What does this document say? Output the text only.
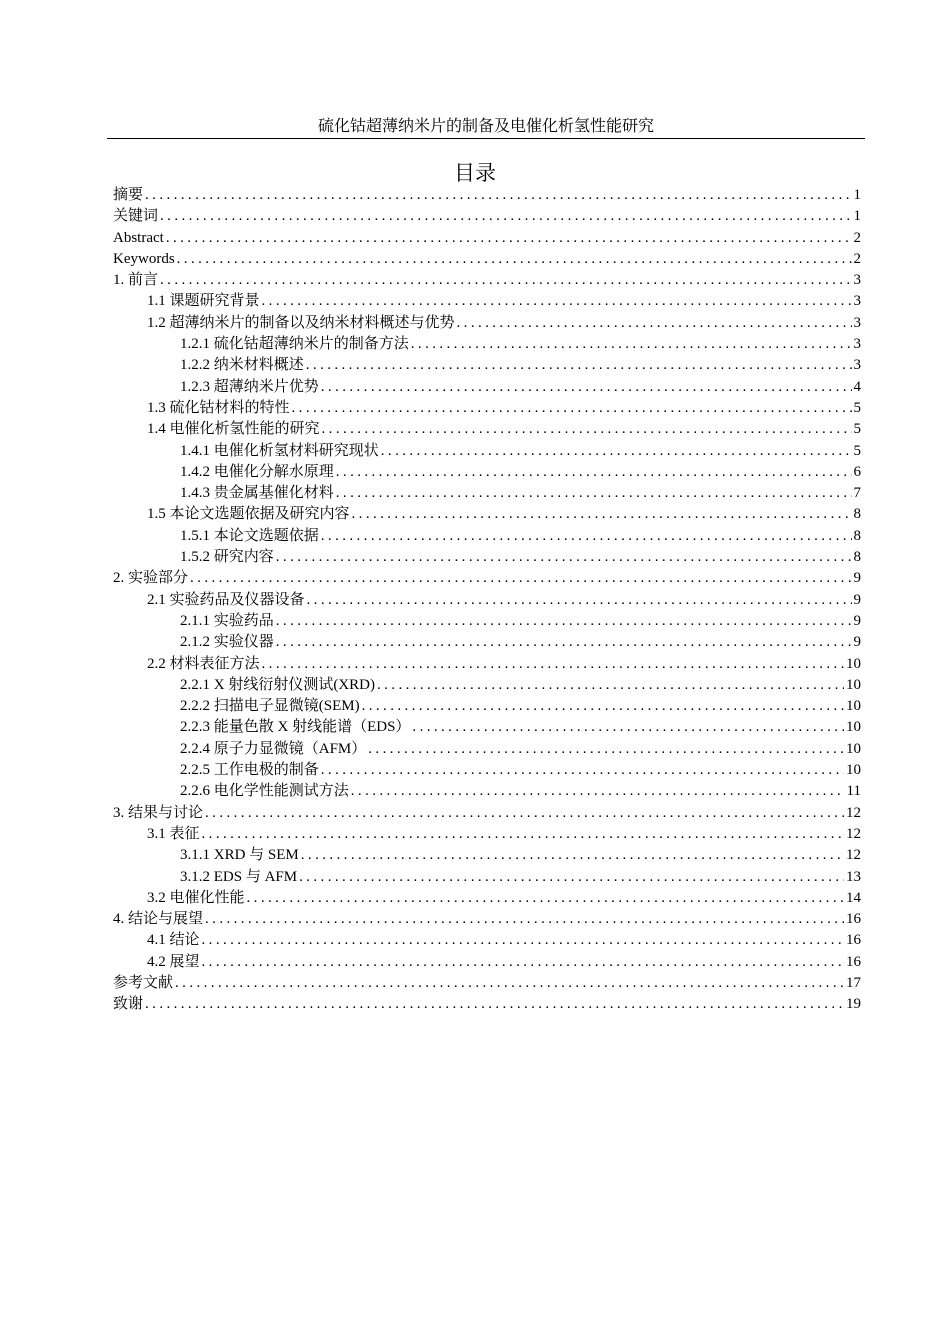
硫化钴超薄纳米片的制备及电催化析氢性能研究
目录
摘要 .....	1
关键词 .....	1
Abstract .....	2
Keywords .....	2
1. 前言 .....	3
1.1 课题研究背景 .....	3
1.2 超薄纳米片的制备以及纳米材料概述与优势 .....	3
1.2.1 硫化钴超薄纳米片的制备方法 .....	3
1.2.2 纳米材料概述 .....	3
1.2.3 超薄纳米片优势 .....	4
1.3 硫化钴材料的特性 .....	5
1.4 电催化析氢性能的研究 .....	5
1.4.1 电催化析氢材料研究现状 .....	5
1.4.2 电催化分解水原理 .....	6
1.4.3 贵金属基催化材料 .....	7
1.5 本论文选题依据及研究内容 .....	8
1.5.1 本论文选题依据 .....	8
1.5.2 研究内容 .....	8
2. 实验部分 .....	9
2.1 实验药品及仪器设备 .....	9
2.1.1 实验药品 .....	9
2.1.2 实验仪器 .....	9
2.2 材料表征方法 .....	10
2.2.1 X 射线衍射仪测试(XRD) .....	10
2.2.2 扫描电子显微镜(SEM) .....	10
2.2.3 能量色散 X 射线能谱（EDS） .....	10
2.2.4 原子力显微镜（AFM） .....	10
2.2.5 工作电极的制备 .....	10
2.2.6 电化学性能测试方法 .....	11
3. 结果与讨论 .....	12
3.1 表征 .....	12
3.1.1 XRD 与 SEM .....	12
3.1.2 EDS 与 AFM .....	13
3.2 电催化性能 .....	14
4. 结论与展望 .....	16
4.1 结论 .....	16
4.2 展望 .....	16
参考文献 .....	17
致谢 .....	19
